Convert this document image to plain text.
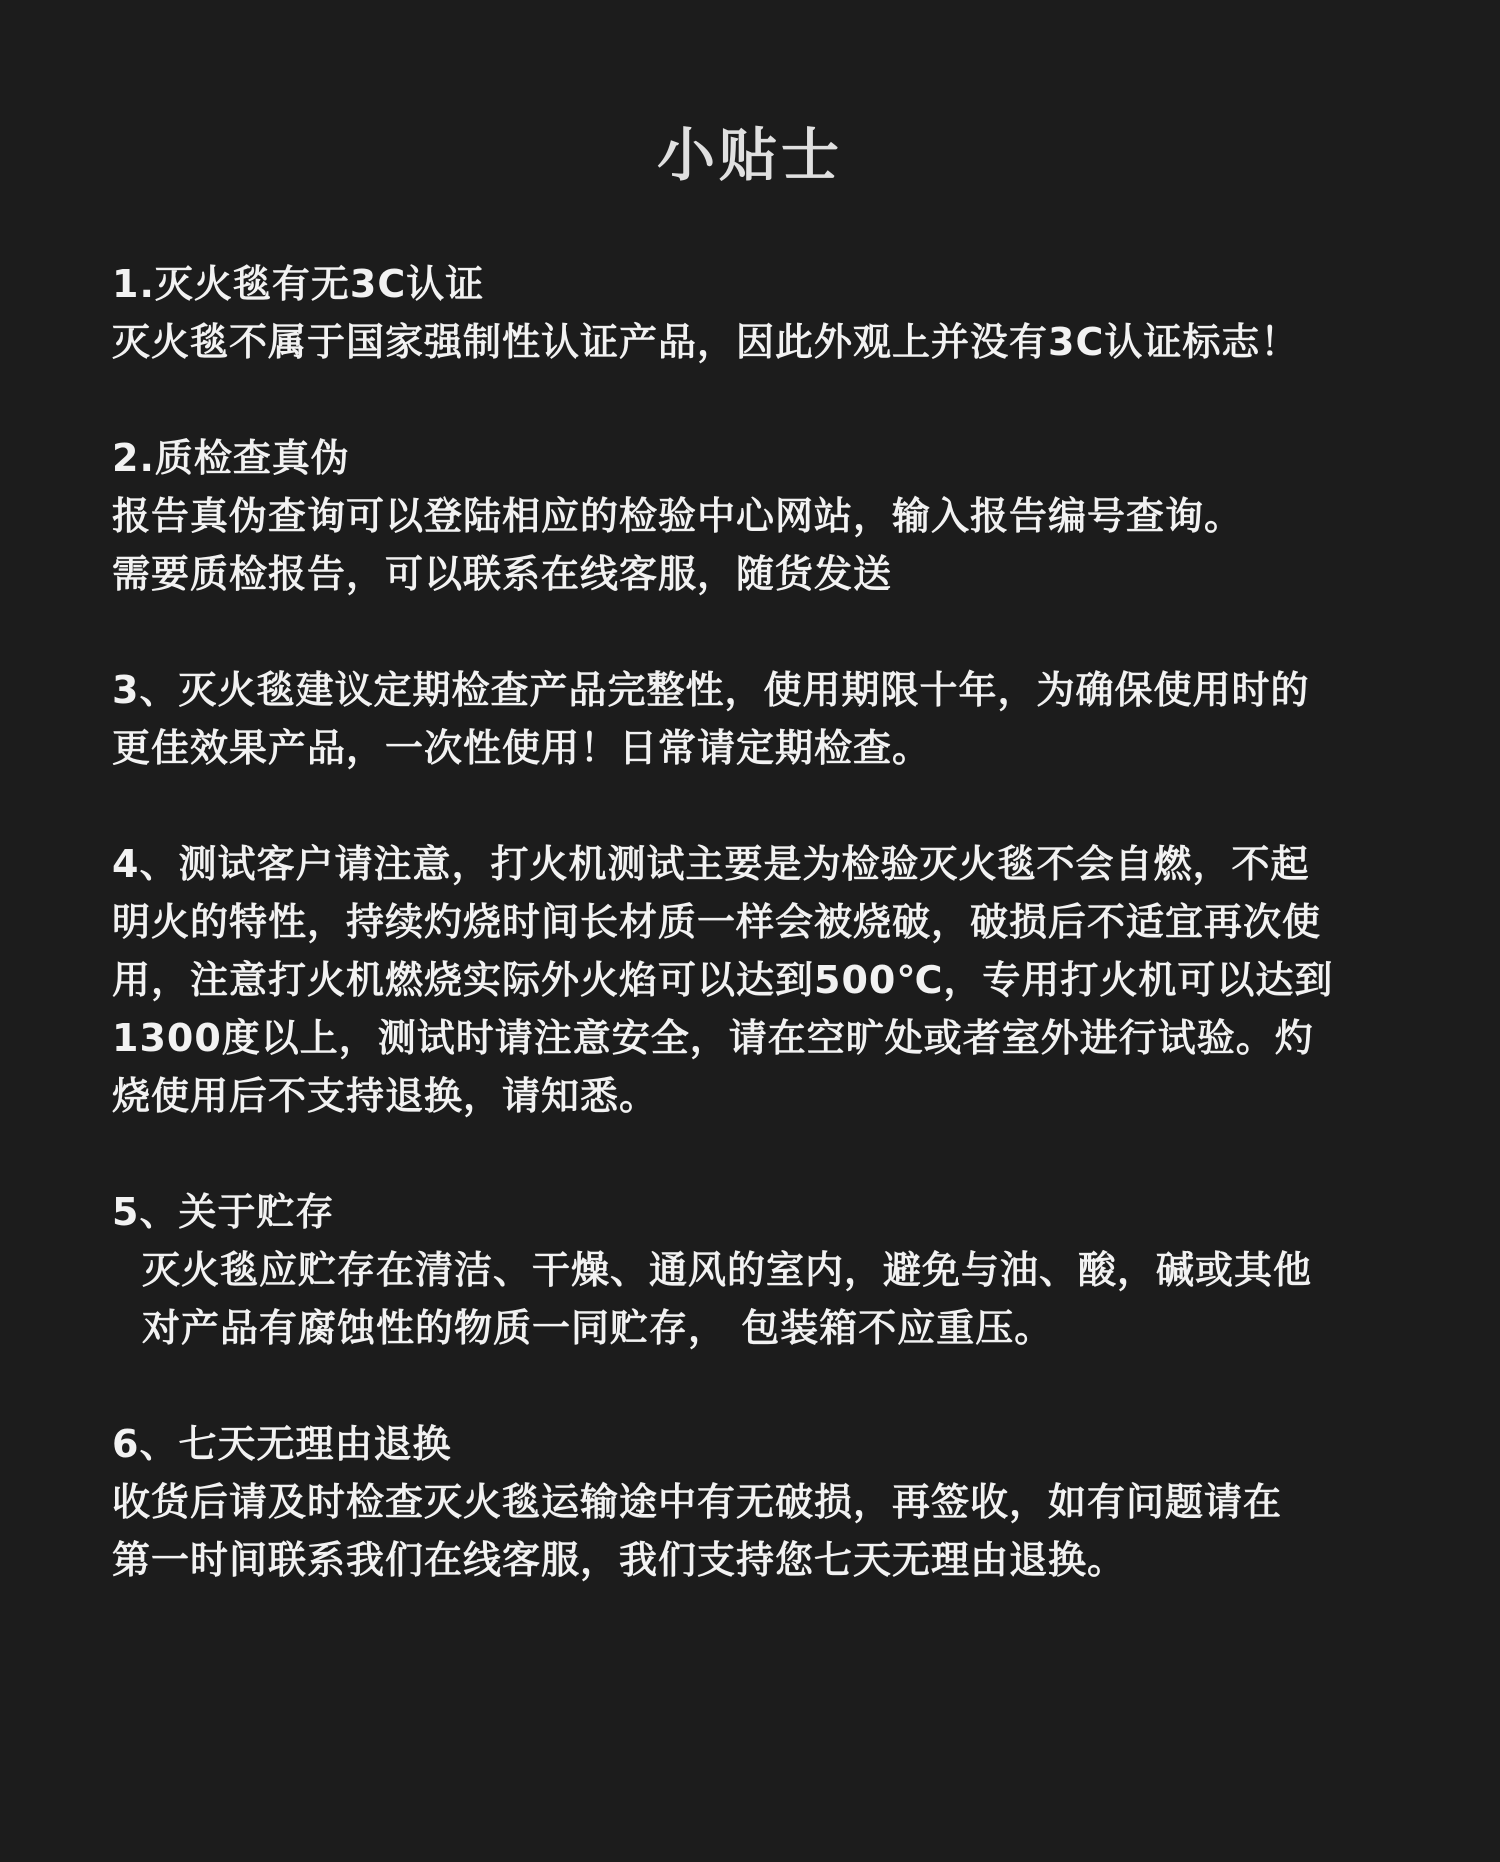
小贴士

1.灭火毯有无3C认证

灭火毯不属于国家强制性认证产品，因此外观上并没有3C认证标志！

2.质检查真伪

报告真伪查询可以登陆相应的检验中心网站，输入报告编号查询。
需要质检报告，可以联系在线客服，随货发送

3、灭火毯建议定期检查产品完整性，使用期限十年，为确保使用时的
更佳效果产品，一次性使用！日常请定期检查。

4、测试客户请注意，打火机测试主要是为检验灭火毯不会自燃，不起
明火的特性，持续灼烧时间长材质一样会被烧破，破损后不适宜再次使
用，注意打火机燃烧实际外火焰可以达到500℃，专用打火机可以达到
1300度以上，测试时请注意安全，请在空旷处或者室外进行试验。灼
烧使用后不支持退换，请知悉。

5、关于贮存

灭火毯应贮存在清洁、干燥、通风的室内，避免与油、酸，碱或其他
对产品有腐蚀性的物质一同贮存， 包装箱不应重压。

6、七天无理由退换

收货后请及时检查灭火毯运输途中有无破损，再签收，如有问题请在
第一时间联系我们在线客服，我们支持您七天无理由退换。
